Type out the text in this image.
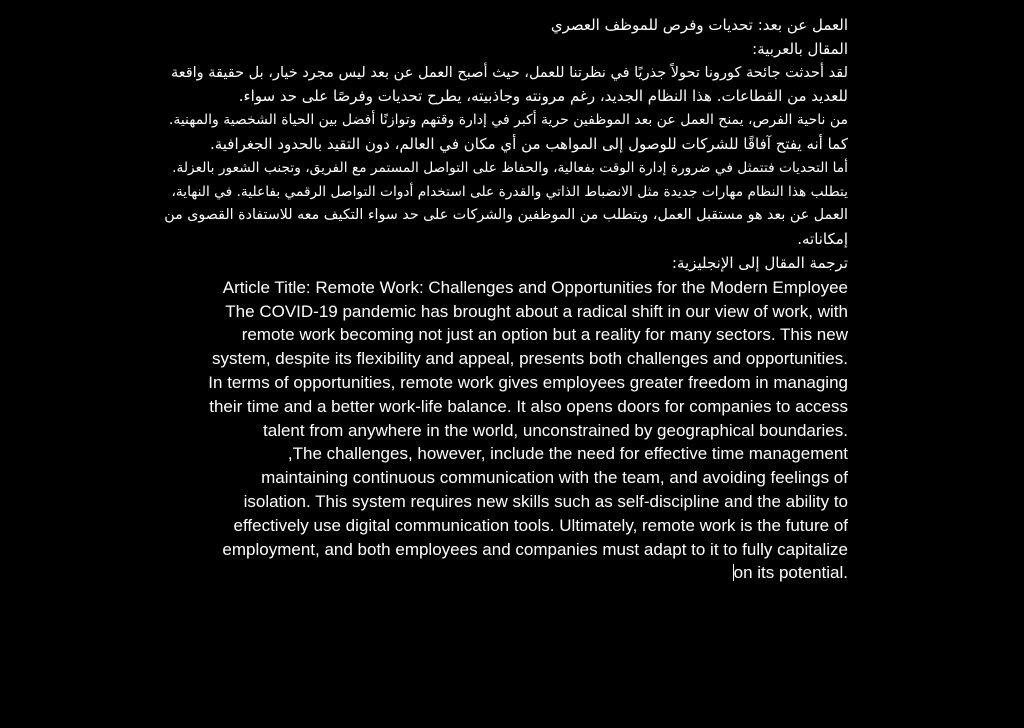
العمل عن بعد: تحديات وفرص للموظف العصري
المقال بالعربية:
لقد أحدثت جائحة كورونا تحولاً جذريًا في نظرتنا للعمل، حيث أصبح العمل عن بعد ليس مجرد خيار، بل حقيقة واقعة
للعديد من القطاعات. هذا النظام الجديد، رغم مرونته وجاذبيته، يطرح تحديات وفرصًا على حد سواء.
من ناحية الفرص، يمنح العمل عن بعد الموظفين حرية أكبر في إدارة وقتهم وتوازنًا أفضل بين الحياة الشخصية والمهنية.
كما أنه يفتح آفاقًا للشركات للوصول إلى المواهب من أي مكان في العالم، دون التقيد بالحدود الجغرافية.
أما التحديات فتتمثل في ضرورة إدارة الوقت بفعالية، والحفاظ على التواصل المستمر مع الفريق، وتجنب الشعور بالعزلة.
يتطلب هذا النظام مهارات جديدة مثل الانضباط الذاتي والقدرة على استخدام أدوات التواصل الرقمي بفاعلية. في النهاية،
العمل عن بعد هو مستقبل العمل، ويتطلب من الموظفين والشركات على حد سواء التكيف معه للاستفادة القصوى من
إمكاناته.
ترجمة المقال إلى الإنجليزية:
Article Title: Remote Work: Challenges and Opportunities for the Modern Employee
The COVID-19 pandemic has brought about a radical shift in our view of work, with
remote work becoming not just an option but a reality for many sectors. This new
.system, despite its flexibility and appeal, presents both challenges and opportunities
In terms of opportunities, remote work gives employees greater freedom in managing
their time and a better work-life balance. It also opens doors for companies to access
.talent from anywhere in the world, unconstrained by geographical boundaries
The challenges, however, include the need for effective time management,
maintaining continuous communication with the team, and avoiding feelings of
isolation. This system requires new skills such as self-discipline and the ability to
effectively use digital communication tools. Ultimately, remote work is the future of
employment, and both employees and companies must adapt to it to fully capitalize
.on its potential
